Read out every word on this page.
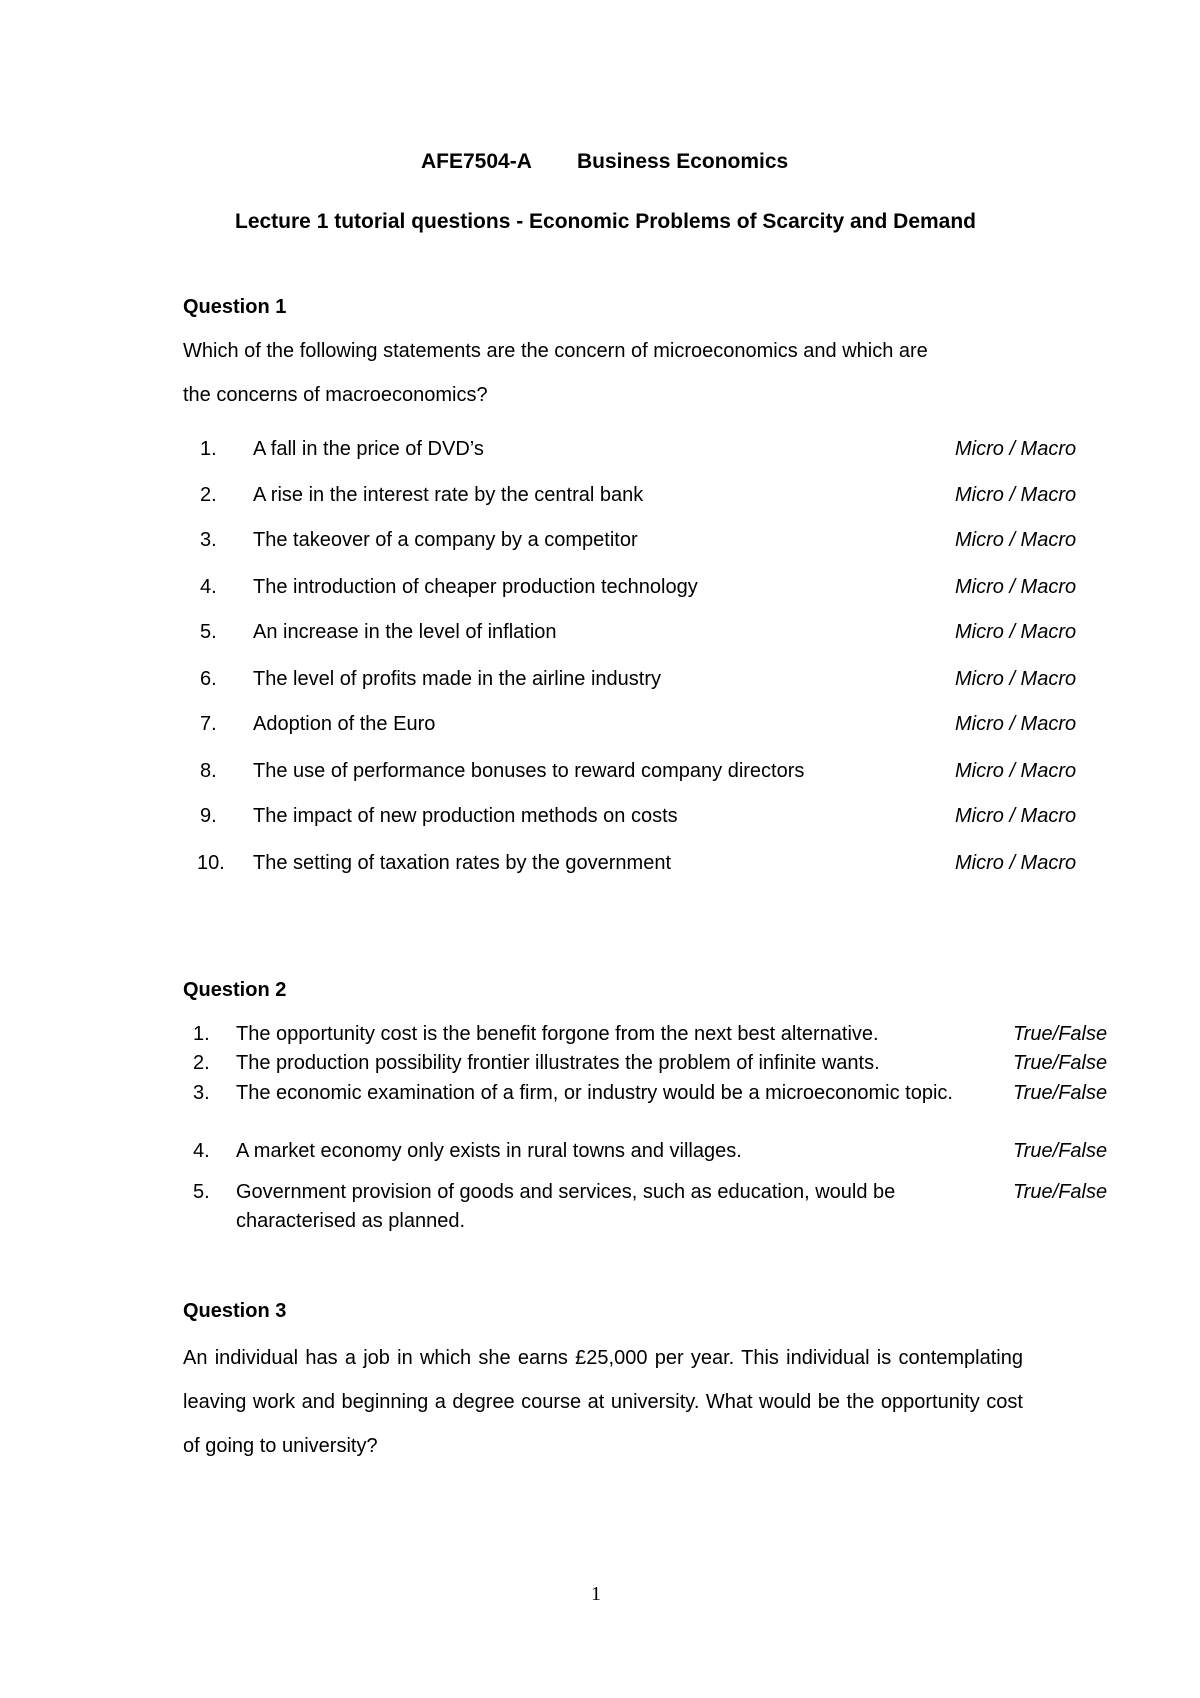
AFE7504-A Business Economics
Lecture 1 tutorial questions - Economic Problems of Scarcity and Demand
Question 1
Which of the following statements are the concern of microeconomics and which are
the concerns of macroeconomics?
1. A fall in the price of DVD’s	Micro / Macro
2. A rise in the interest rate by the central bank	Micro / Macro
3. The takeover of a company by a competitor	Micro / Macro
4. The introduction of cheaper production technology	Micro / Macro
5. An increase in the level of inflation	Micro / Macro
6. The level of profits made in the airline industry	Micro / Macro
7. Adoption of the Euro	Micro / Macro
8. The use of performance bonuses to reward company directors	Micro / Macro
9. The impact of new production methods on costs	Micro / Macro
10. The setting of taxation rates by the government	Micro / Macro
Question 2
1. The opportunity cost is the benefit forgone from the next best alternative.	True/False
2. The production possibility frontier illustrates the problem of infinite wants.	True/False
3. The economic examination of a firm, or industry would be a microeconomic topic.	True/False
4. A market economy only exists in rural towns and villages.	True/False
5. Government provision of goods and services, such as education, would be characterised as planned.
True/False
Question 3
An individual has a job in which she earns £25,000 per year. This individual is contemplating leaving work and beginning a degree course at university. What would be the opportunity cost of going to university?
1
